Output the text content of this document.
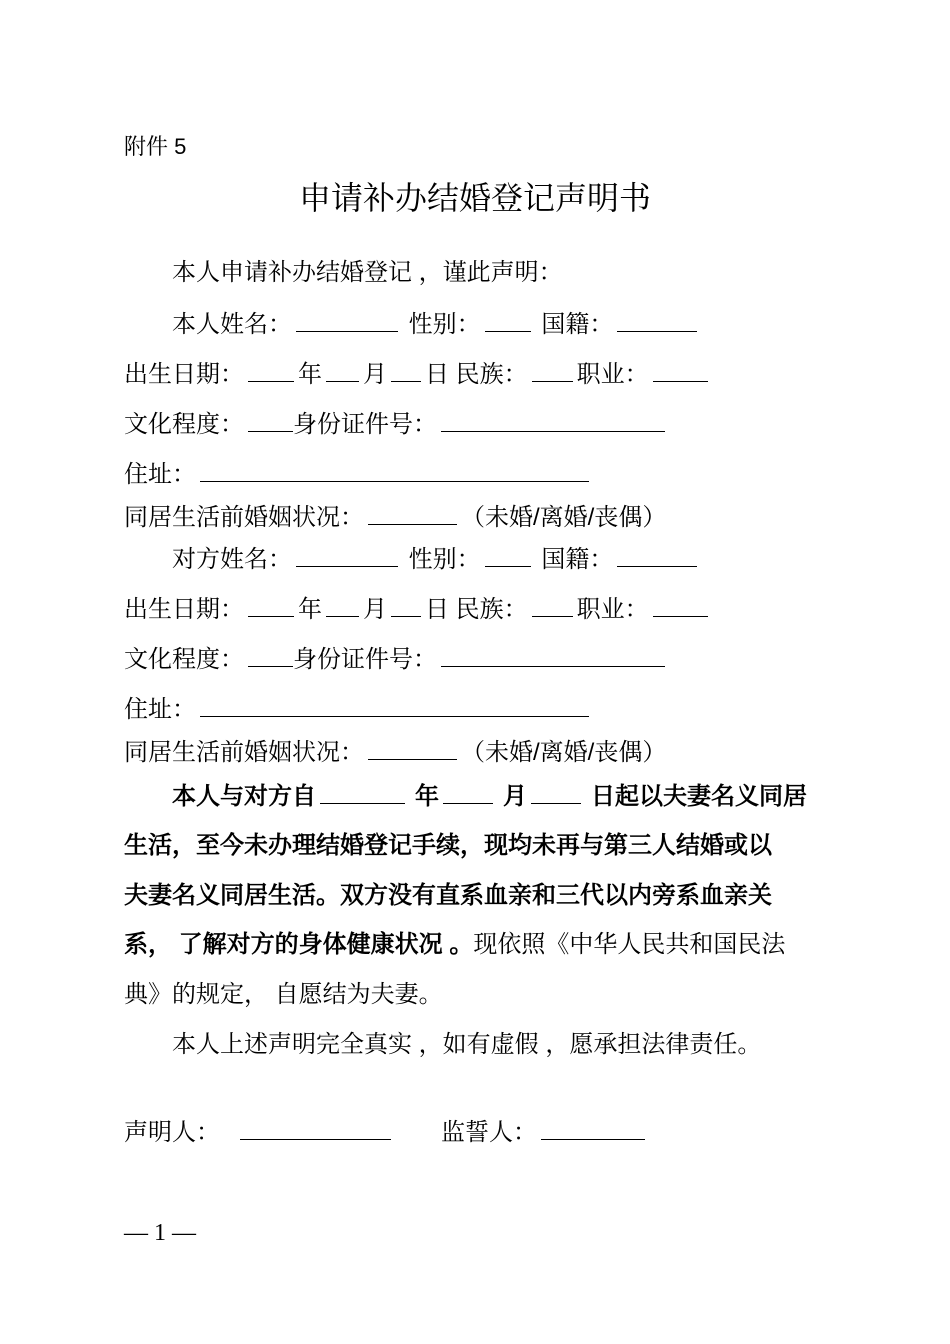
附件 5
申请补办结婚登记声明书
本人申请补办结婚登记 ，谨此声明：
本人姓名：	性别：	国籍：
出生日期： 年 月 日 民族： 职业：
文化程度： 身份证件号：
住址：
同居生活前婚姻状况：	（未婚/离婚/丧偶）
对方姓名：	性别：	国籍：
出生日期： 年 月 日 民族： 职业：
文化程度： 身份证件号：
住址：
同居生活前婚姻状况：	（未婚/离婚/丧偶）
本人与对方自	年	月	日起以夫妻名义同居
生活，至今未办理结婚登记手续，现均未再与第三人结婚或以
夫妻名义同居生活。双方没有直系血亲和三代以内旁系血亲关
系， 了解对方的身体健康状况 。现依照《中华人民共和国民法
典》的规定， 自愿结为夫妻。
本人上述声明完全真实 ，如有虚假 ，愿承担法律责任。
声明人：	监誓人：
— 1 —
